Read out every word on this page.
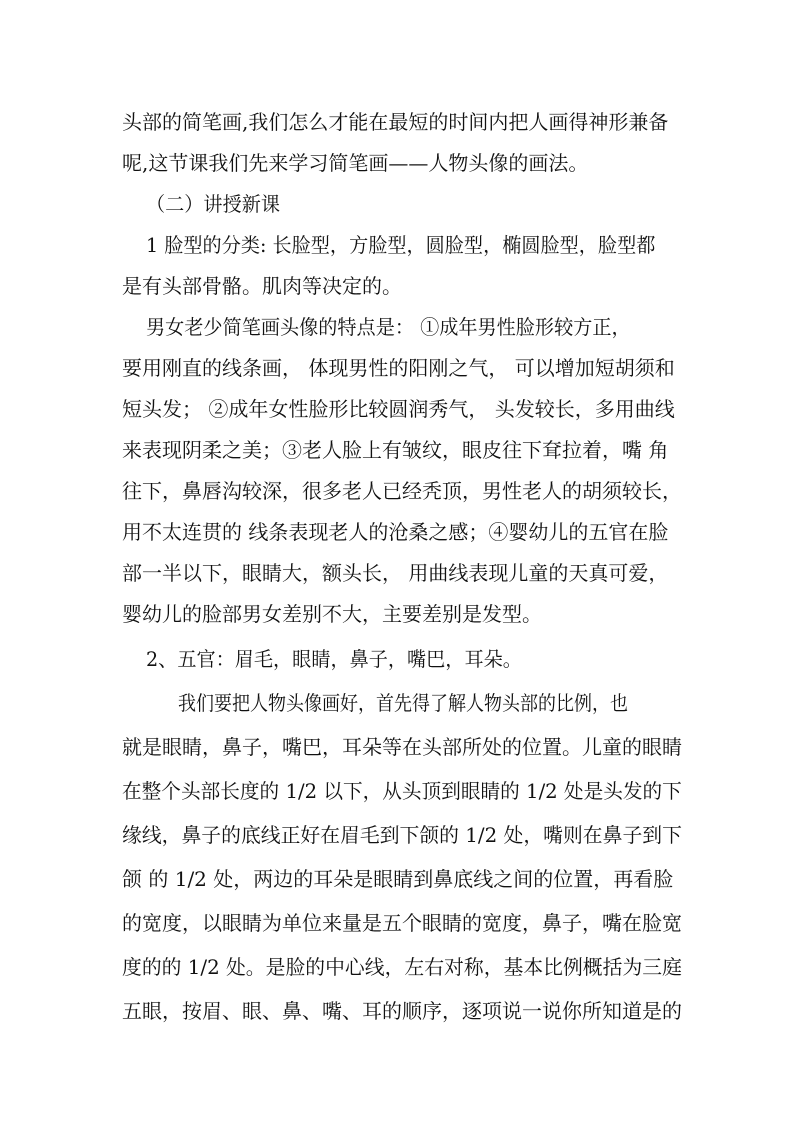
头部的简笔画,我们怎么才能在最短的时间内把人画得神形兼备
呢,这节课我们先来学习简笔画——人物头像的画法。
（二）讲授新课
1 脸型的分类: 长脸型，方脸型，圆脸型，椭圆脸型，脸型都
是有头部骨骼。肌肉等决定的。
男女老少简笔画头像的特点是： ①成年男性脸形较方正，
要用刚直的线条画， 体现男性的阳刚之气， 可以增加短胡须和
短头发； ②成年女性脸形比较圆润秀气， 头发较长，多用曲线
来表现阴柔之美；③老人脸上有皱纹，眼皮往下耷拉着，嘴 角
往下，鼻唇沟较深，很多老人已经秃顶，男性老人的胡须较长，
用不太连贯的 线条表现老人的沧桑之感；④婴幼儿的五官在脸
部一半以下，眼睛大，额头长， 用曲线表现儿童的天真可爱，
婴幼儿的脸部男女差别不大，主要差别是发型。
2、五官：眉毛，眼睛，鼻子，嘴巴，耳朵。
我们要把人物头像画好，首先得了解人物头部的比例，也
就是眼睛，鼻子，嘴巴，耳朵等在头部所处的位置。儿童的眼睛
在整个头部长度的 1/2 以下，从头顶到眼睛的 1/2 处是头发的下
缘线，鼻子的底线正好在眉毛到下颌的 1/2 处，嘴则在鼻子到下
颌 的 1/2 处，两边的耳朵是眼睛到鼻底线之间的位置，再看脸
的宽度，以眼睛为单位来量是五个眼睛的宽度，鼻子，嘴在脸宽
度的的 1/2 处。是脸的中心线，左右对称，基本比例概括为三庭
五眼，按眉、眼、鼻、嘴、耳的顺序，逐项说一说你所知道是的
